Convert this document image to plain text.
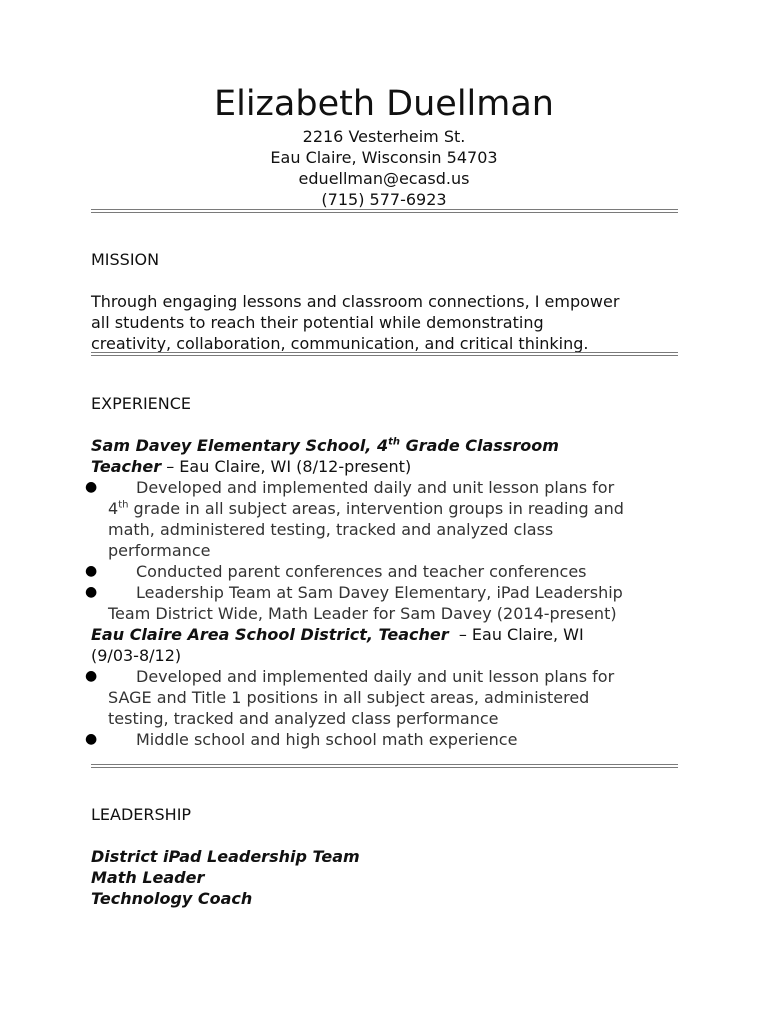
Elizabeth Duellman
2216 Vesterheim St.
Eau Claire, Wisconsin 54703
eduellman@ecasd.us
(715) 577-6923
MISSION
Through engaging lessons and classroom connections, I empower
all students to reach their potential while demonstrating
creativity, collaboration, communication, and critical thinking.
EXPERIENCE
Sam Davey Elementary School, 4th Grade Classroom
Teacher – Eau Claire, WI (8/12-present)
●	Developed and implemented daily and unit lesson plans for
4th grade in all subject areas, intervention groups in reading and
math, administered testing, tracked and analyzed class
performance
●	Conducted parent conferences and teacher conferences
●	Leadership Team at Sam Davey Elementary, iPad Leadership
Team District Wide, Math Leader for Sam Davey (2014-present)
Eau Claire Area School District, Teacher  – Eau Claire, WI
(9/03-8/12)
●	Developed and implemented daily and unit lesson plans for
SAGE and Title 1 positions in all subject areas, administered
testing, tracked and analyzed class performance
●	Middle school and high school math experience
LEADERSHIP
District iPad Leadership Team
Math Leader
Technology Coach
